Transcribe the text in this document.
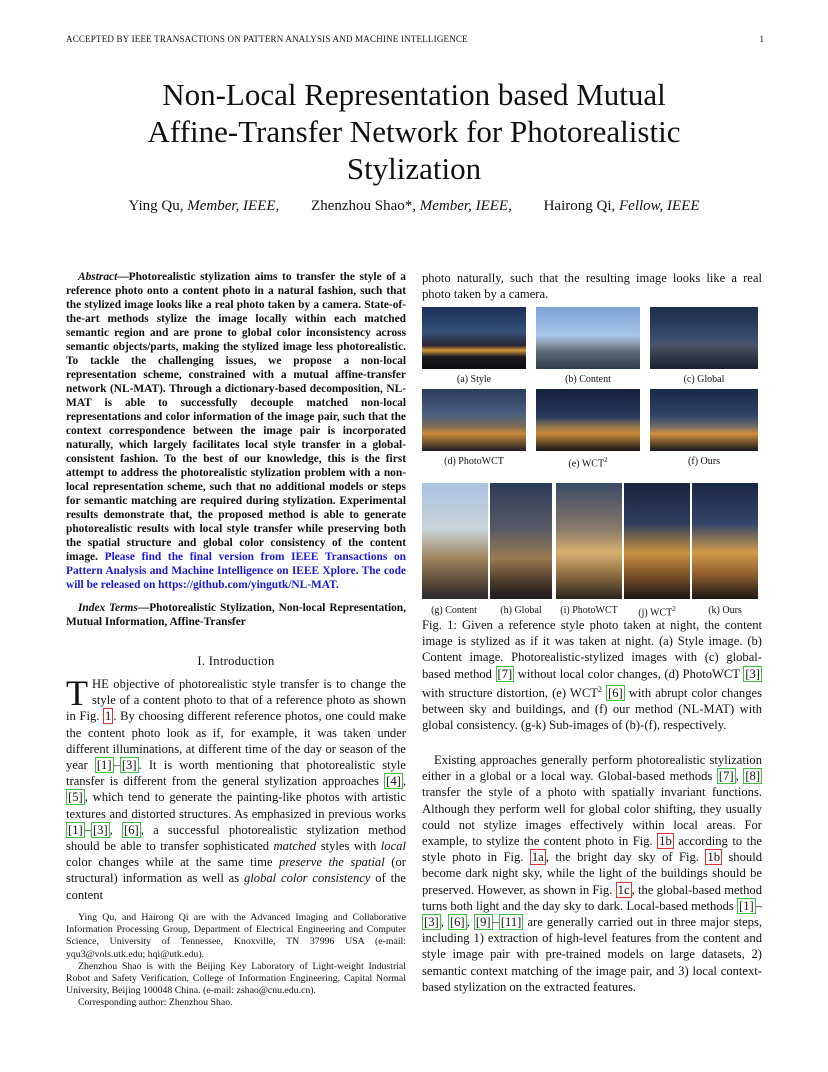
ACCEPTED BY IEEE TRANSACTIONS ON PATTERN ANALYSIS AND MACHINE INTELLIGENCE	1
Non-Local Representation based Mutual
Affine-Transfer Network for Photorealistic
Stylization
Ying Qu, Member, IEEE, Zhenzhou Shao*, Member, IEEE, Hairong Qi, Fellow, IEEE
Abstract—Photorealistic stylization aims to transfer the style of a reference photo onto a content photo in a natural fashion, such that the stylized image looks like a real photo taken by a camera. State-of-the-art methods stylize the image locally within each matched semantic region and are prone to global color inconsistency across semantic objects/parts, making the stylized image less photorealistic. To tackle the challenging issues, we propose a non-local representation scheme, constrained with a mutual affine-transfer network (NL-MAT). Through a dictionary-based decomposition, NL-MAT is able to successfully decouple matched non-local representations and color information of the image pair, such that the context correspondence between the image pair is incorporated naturally, which largely facilitates local style transfer in a global-consistent fashion. To the best of our knowledge, this is the first attempt to address the photorealistic stylization problem with a non-local representation scheme, such that no additional models or steps for semantic matching are required during stylization. Experimental results demonstrate that, the proposed method is able to generate photorealistic results with local style transfer while preserving both the spatial structure and global color consistency of the content image. Please find the final version from IEEE Transactions on Pattern Analysis and Machine Intelligence on IEEE Xplore. The code will be released on https://github.com/yingutk/NL-MAT.
Index Terms—Photorealistic Stylization, Non-local Representation, Mutual Information, Affine-Transfer
I. Introduction
THE objective of photorealistic style transfer is to change the style of a content photo to that of a reference photo as shown in Fig. 1 . By choosing different reference photos, one could make the content photo look as if, for example, it was taken under different illuminations, at different time of the day or season of the year [1] – [3] . It is worth mentioning that photorealistic style transfer is different from the general stylization approaches [4] , [5] , which tend to generate the painting-like photos with artistic textures and distorted structures. As emphasized in previous works [1] – [3] , [6] , a successful photorealistic stylization method should be able to transfer sophisticated matched styles with local color changes while at the same time preserve the spatial (or structural) information as well as global color consistency of the content

Ying Qu, and Hairong Qi are with the Advanced Imaging and Collaborative Information Processing Group, Department of Electrical Engineering and Computer Science, University of Tennessee, Knoxville, TN 37996 USA (e-mail: yqu3@vols.utk.edu; hqi@utk.edu).

Zhenzhou Shao is with the Beijing Key Laboratory of Light-weight Industrial Robot and Safety Verification, College of Information Engineering, Capital Normal University, Beijing 100048 China. (e-mail: zshao@cnu.edu.cn).

Corresponding author: Zhenzhou Shao.

photo naturally, such that the resulting image looks like a real photo taken by a camera.
(a) Style	(b) Content	(c) Global
(d) PhotoWCT	(e) WCT$^2$	(f) Ours
(g) Content	(h) Global	(i) PhotoWCT	(j) WCT$^2$	(k) Ours
Fig. 1: Given a reference style photo taken at night, the content image is stylized as if it was taken at night. (a) Style image. (b) Content image. Photorealistic-stylized images with (c) global-based method [7] without local color changes, (d) PhotoWCT [3] with structure distortion, (e) WCT$^2$ [6] with abrupt color changes between sky and buildings, and (f) our method (NL-MAT) with global consistency. (g-k) Sub-images of (b)-(f), respectively.
Existing approaches generally perform photorealistic stylization either in a global or a local way. Global-based methods [7] , [8] transfer the style of a photo with spatially invariant functions. Although they perform well for global color shifting, they usually could not stylize images effectively within local areas. For example, to stylize the content photo in Fig. 1b according to the style photo in Fig. 1a , the bright day sky of Fig. 1b should become dark night sky, while the light of the buildings should be preserved. However, as shown in Fig. 1c , the global-based method turns both light and the day sky to dark. Local-based methods [1] –[3] , [6] , [9] – [11] are generally carried out in three major steps, including 1) extraction of high-level features from the content and style image pair with pre-trained models on large datasets, 2) semantic context matching of the image pair, and 3) local context-based stylization on the extracted features.
